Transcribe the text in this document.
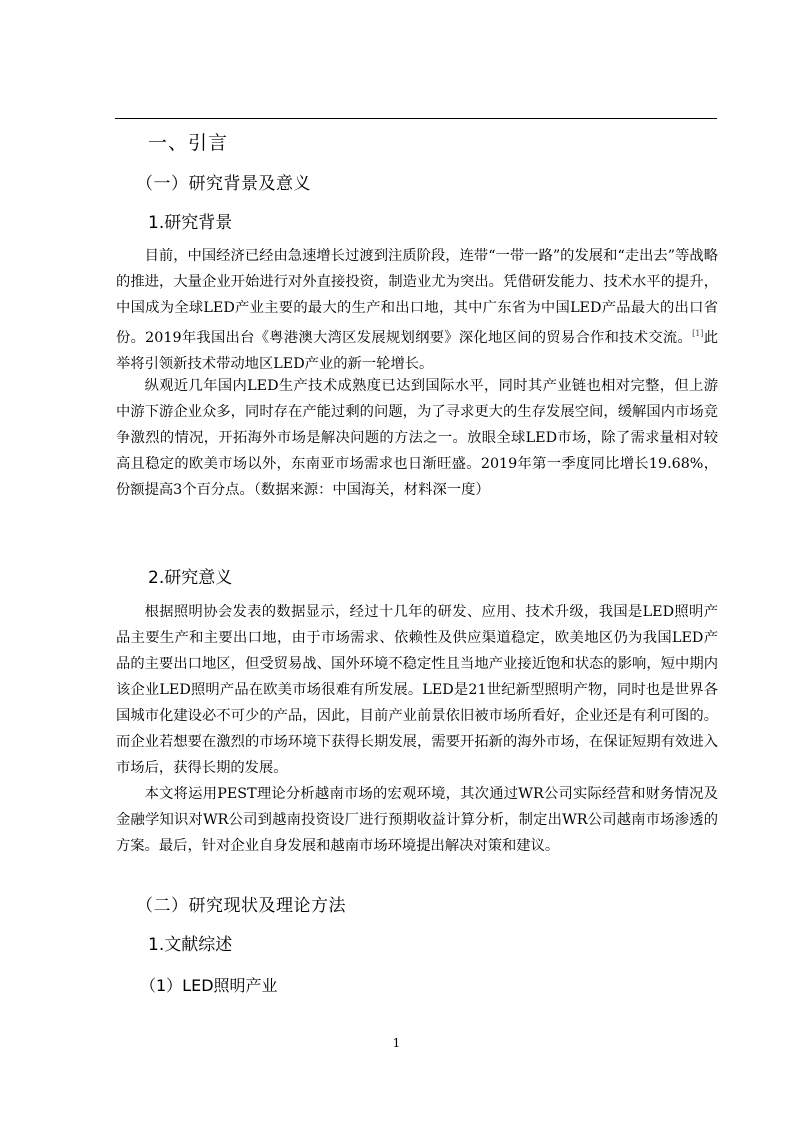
一、引言
（一）研究背景及意义
1.研究背景

目前，中国经济已经由急速增长过渡到注质阶段，连带“一带一路”的发展和“走出去”等战略的推进，大量企业开始进行对外直接投资，制造业尤为突出。凭借研发能力、技术水平的提升，中国成为全球LED产业主要的最大的生产和出口地，其中广东省为中国LED产品最大的出口省份。2019年我国出台《粤港澳大湾区发展规划纲要》深化地区间的贸易合作和技术交流。[1]此举将引领新技术带动地区LED产业的新一轮增长。

纵观近几年国内LED生产技术成熟度已达到国际水平，同时其产业链也相对完整，但上游中游下游企业众多，同时存在产能过剩的问题，为了寻求更大的生存发展空间，缓解国内市场竞争激烈的情况，开拓海外市场是解决问题的方法之一。放眼全球LED市场，除了需求量相对较高且稳定的欧美市场以外，东南亚市场需求也日渐旺盛。2019年第一季度同比增长19.68%，份额提高3个百分点。（数据来源：中国海关，材料深一度）

2.研究意义

根据照明协会发表的数据显示，经过十几年的研发、应用、技术升级，我国是LED照明产品主要生产和主要出口地，由于市场需求、依赖性及供应渠道稳定，欧美地区仍为我国LED产品的主要出口地区，但受贸易战、国外环境不稳定性且当地产业接近饱和状态的影响，短中期内该企业LED照明产品在欧美市场很难有所发展。LED是21世纪新型照明产物，同时也是世界各国城市化建设必不可少的产品，因此，目前产业前景依旧被市场所看好，企业还是有利可图的。而企业若想要在激烈的市场环境下获得长期发展，需要开拓新的海外市场，在保证短期有效进入市场后，获得长期的发展。

本文将运用PEST理论分析越南市场的宏观环境，其次通过WR公司实际经营和财务情况及金融学知识对WR公司到越南投资设厂进行预期收益计算分析，制定出WR公司越南市场渗透的方案。最后，针对企业自身发展和越南市场环境提出解决对策和建议。

（二）研究现状及理论方法
1.文献综述
（1）LED照明产业
1
